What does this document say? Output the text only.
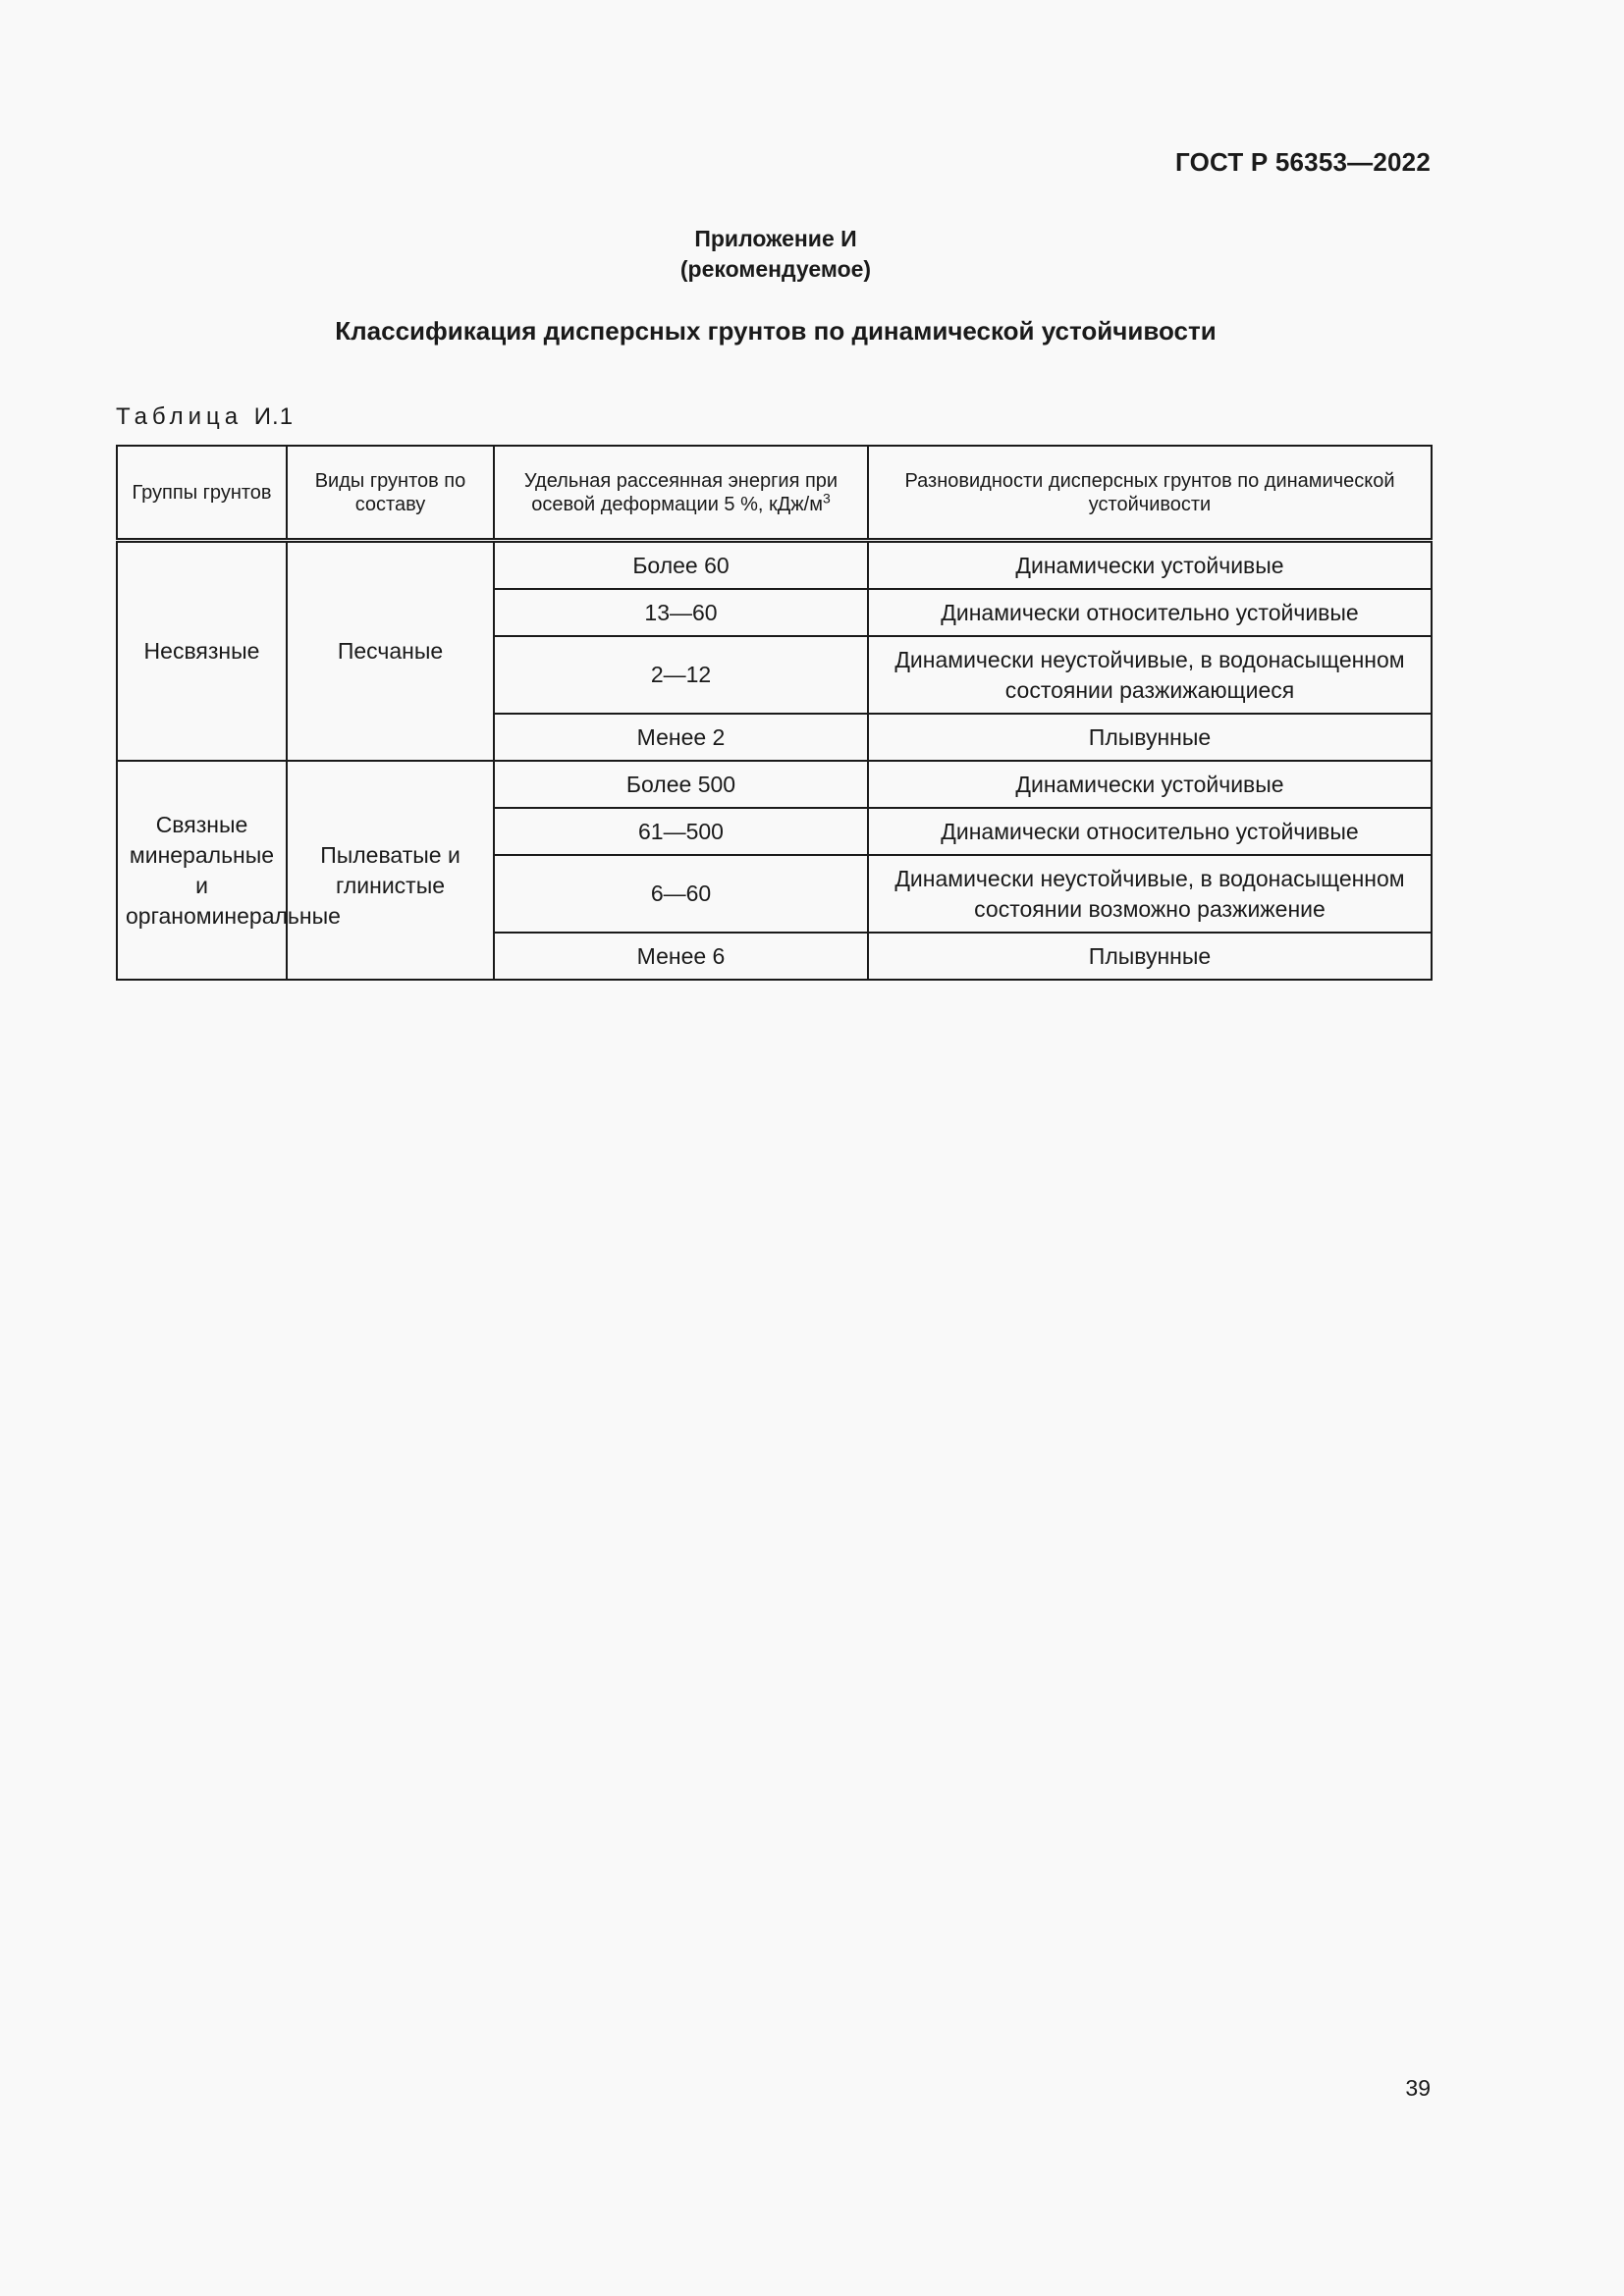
ГОСТ Р 56353—2022
Приложение И
(рекомендуемое)
Классификация дисперсных грунтов по динамической устойчивости
Таблица И.1
Группы грунтов	Виды грунтов по составу	Удельная рассеянная энергия при осевой деформации 5 %, кДж/$м^3$	Разновидности дисперсных грунтов по динамической устойчивости
Несвязные	Песчаные	Более 60	Динамически устойчивые
		13—60	Динамически относительно устойчивые
		2—12	Динамически неустойчивые, в водонасыщенном состоянии разжижающиеся
		Менее 2	Плывунные
Связные минеральные и органоминеральные	Пылеватые и глинистые	Более 500	Динамически устойчивые
		61—500	Динамически относительно устойчивые
		6—60	Динамически неустойчивые, в водонасыщенном состоянии возможно разжижение
		Менее 6	Плывунные
39
